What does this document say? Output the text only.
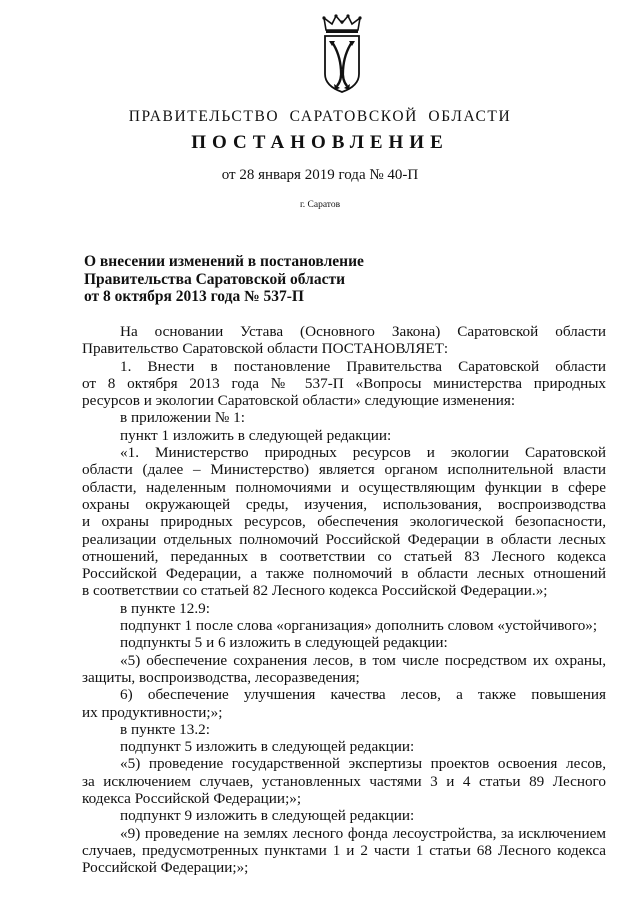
ПРАВИТЕЛЬСТВО САРАТОВСКОЙ ОБЛАСТИ
ПОСТАНОВЛЕНИЕ
от 28 января 2019 года № 40-П
г. Саратов
О внесении изменений в постановление
Правительства Саратовской области
от 8 октября 2013 года № 537-П
На основании Устава (Основного Закона) Саратовской области
Правительство Саратовской области ПОСТАНОВЛЯЕТ:
1. Внести в постановление Правительства Саратовской области
от 8 октября 2013 года № 537-П «Вопросы министерства природных
ресурсов и экологии Саратовской области» следующие изменения:
в приложении № 1:
пункт 1 изложить в следующей редакции:
«1. Министерство природных ресурсов и экологии Саратовской
области (далее – Министерство) является органом исполнительной власти
области, наделенным полномочиями и осуществляющим функции в сфере
охраны окружающей среды, изучения, использования, воспроизводства
и охраны природных ресурсов, обеспечения экологической безопасности,
реализации отдельных полномочий Российской Федерации в области лесных
отношений, переданных в соответствии со статьей 83 Лесного кодекса
Российской Федерации, а также полномочий в области лесных отношений
в соответствии со статьей 82 Лесного кодекса Российской Федерации.»;
в пункте 12.9:
подпункт 1 после слова «организация» дополнить словом «устойчивого»;
подпункты 5 и 6 изложить в следующей редакции:
«5) обеспечение сохранения лесов, в том числе посредством их охраны,
защиты, воспроизводства, лесоразведения;
6) обеспечение улучшения качества лесов, а также повышения
их продуктивности;»;
в пункте 13.2:
подпункт 5 изложить в следующей редакции:
«5) проведение государственной экспертизы проектов освоения лесов,
за исключением случаев, установленных частями 3 и 4 статьи 89 Лесного
кодекса Российской Федерации;»;
подпункт 9 изложить в следующей редакции:
«9) проведение на землях лесного фонда лесоустройства, за исключением
случаев, предусмотренных пунктами 1 и 2 части 1 статьи 68 Лесного кодекса
Российской Федерации;»;
